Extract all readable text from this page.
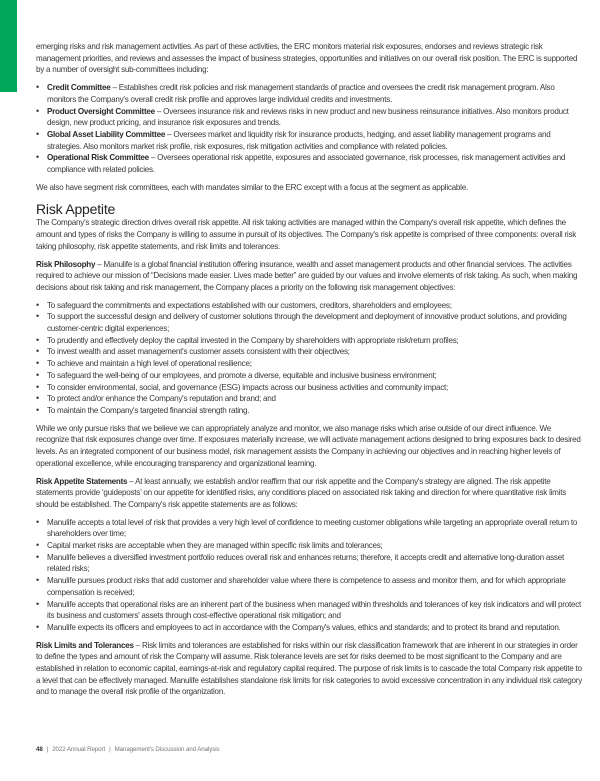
emerging risks and risk management activities. As part of these activities, the ERC monitors material risk exposures, endorses and reviews strategic risk management priorities, and reviews and assesses the impact of business strategies, opportunities and initiatives on our overall risk position. The ERC is supported by a number of oversight sub-committees including:

• Credit Committee – Establishes credit risk policies and risk management standards of practice and oversees the credit risk management program. Also monitors the Company's overall credit risk profile and approves large individual credits and investments.
• Product Oversight Committee – Oversees insurance risk and reviews risks in new product and new business reinsurance initiatives. Also monitors product design, new product pricing, and insurance risk exposures and trends.
• Global Asset Liability Committee – Oversees market and liquidity risk for insurance products, hedging, and asset liability management programs and strategies. Also monitors market risk profile, risk exposures, risk mitigation activities and compliance with related policies.
• Operational Risk Committee – Oversees operational risk appetite, exposures and associated governance, risk processes, risk management activities and compliance with related policies.

We also have segment risk committees, each with mandates similar to the ERC except with a focus at the segment as applicable.

Risk Appetite

The Company's strategic direction drives overall risk appetite. All risk taking activities are managed within the Company's overall risk appetite, which defines the amount and types of risks the Company is willing to assume in pursuit of its objectives. The Company's risk appetite is comprised of three components: overall risk taking philosophy, risk appetite statements, and risk limits and tolerances.

Risk Philosophy – Manulife is a global financial institution offering insurance, wealth and asset management products and other financial services. The activities required to achieve our mission of “Decisions made easier. Lives made better” are guided by our values and involve elements of risk taking. As such, when making decisions about risk taking and risk management, the Company places a priority on the following risk management objectives:

• To safeguard the commitments and expectations established with our customers, creditors, shareholders and employees;
• To support the successful design and delivery of customer solutions through the development and deployment of innovative product solutions, and providing customer-centric digital experiences;
• To prudently and effectively deploy the capital invested in the Company by shareholders with appropriate risk/return profiles;
• To invest wealth and asset management's customer assets consistent with their objectives;
• To achieve and maintain a high level of operational resilience;
• To safeguard the well-being of our employees, and promote a diverse, equitable and inclusive business environment;
• To consider environmental, social, and governance (ESG) impacts across our business activities and community impact;
• To protect and/or enhance the Company's reputation and brand; and
• To maintain the Company's targeted financial strength rating.

While we only pursue risks that we believe we can appropriately analyze and monitor, we also manage risks which arise outside of our direct influence. We recognize that risk exposures change over time. If exposures materially increase, we will activate management actions designed to bring exposures back to desired levels. As an integrated component of our business model, risk management assists the Company in achieving our objectives and in reaching higher levels of operational excellence, while encouraging transparency and organizational learning.

Risk Appetite Statements – At least annually, we establish and/or reaffirm that our risk appetite and the Company's strategy are aligned. The risk appetite statements provide ‘guideposts’ on our appetite for identified risks, any conditions placed on associated risk taking and direction for where quantitative risk limits should be established. The Company's risk appetite statements are as follows:

• Manulife accepts a total level of risk that provides a very high level of confidence to meeting customer obligations while targeting an appropriate overall return to shareholders over time;
• Capital market risks are acceptable when they are managed within specific risk limits and tolerances;
• Manulife believes a diversified investment portfolio reduces overall risk and enhances returns; therefore, it accepts credit and alternative long-duration asset related risks;
• Manulife pursues product risks that add customer and shareholder value where there is competence to assess and monitor them, and for which appropriate compensation is received;
• Manulife accepts that operational risks are an inherent part of the business when managed within thresholds and tolerances of key risk indicators and will protect its business and customers' assets through cost-effective operational risk mitigation; and
• Manulife expects its officers and employees to act in accordance with the Company's values, ethics and standards; and to protect its brand and reputation.

Risk Limits and Tolerances – Risk limits and tolerances are established for risks within our risk classification framework that are inherent in our strategies in order to define the types and amount of risk the Company will assume. Risk tolerance levels are set for risks deemed to be most significant to the Company and are established in relation to economic capital, earnings-at-risk and regulatory capital required. The purpose of risk limits is to cascade the total Company risk appetite to a level that can be effectively managed. Manulife establishes standalone risk limits for risk categories to avoid excessive concentration in any individual risk category and to manage the overall risk profile of the organization.

48 | 2022 Annual Report | Management's Discussion and Analysis
